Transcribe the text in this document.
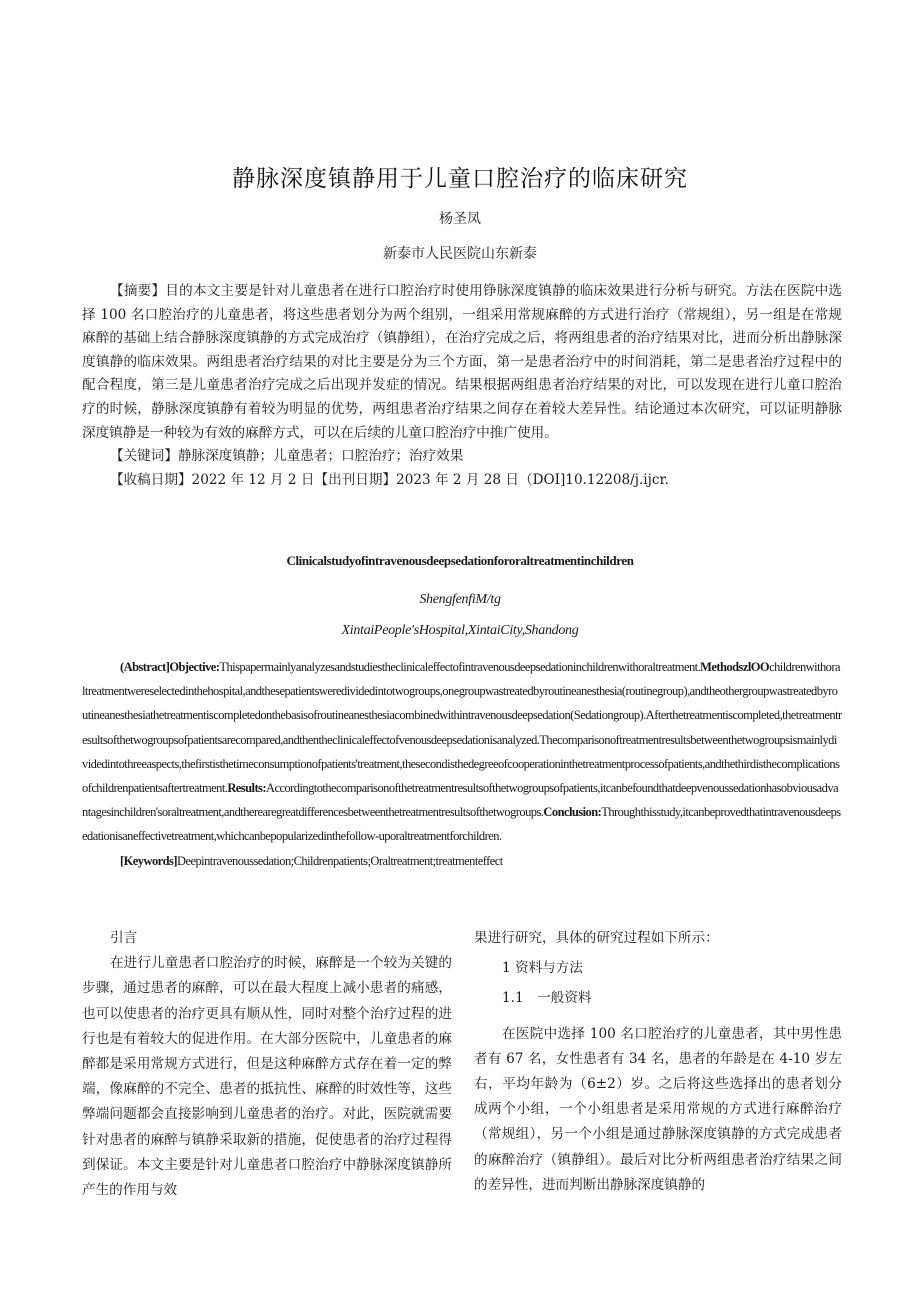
静脉深度镇静用于儿童口腔治疗的临床研究
杨圣凤
新泰市人民医院山东新泰

【摘要】目的本文主要是针对儿童患者在进行口腔治疗时使用铮脉深度镇静的临床效果进行分析与研究。方法在医院中选择 100 名口腔治疗的儿童患者，将这些患者划分为两个组别，一组采用常规麻醉的方式进行治疗（常规组），另一组是在常规麻醉的基础上结合静脉深度镇静的方式完成治疗（镇静组），在治疗完成之后，将两组患者的治疗结果对比，进而分析出静脉深度镇静的临床效果。两组患者治疗结果的对比主要是分为三个方面，第一是患者治疗中的时间消耗，第二是患者治疗过程中的配合程度，第三是儿童患者治疗完成之后出现并发症的情况。结果根据两组患者治疗结果的对比，可以发现在进行儿童口腔治疗的时候，静脉深度镇静有着较为明显的优势，两组患者治疗结果之间存在着较大差异性。结论通过本次研究，可以证明静脉深度镇静是一种较为有效的麻醉方式，可以在后续的儿童口腔治疗中推广使用。

【关键词】静脉深度镇静；儿童患者；口腔治疗；治疗效果

【收稿日期】2022 年 12 月 2 日【出刊日期】2023 年 2 月 28 日（DOI]10.12208/j.ijcr.

Clinicalstudyofintravenousdeepsedationfororaltreatmentinchildren
ShengfenfiM/tg
XintaiPeople'sHospital,XintaiCity,Shandong

(Abstract]Objective:Thispapermainlyanalyzesandstudiestheclinicaleffectofintravenousdeepsedationinchildrenwithoraltreatment.MethodszlOOchildrenwithoraltreatmentwereselectedinthehospital,andthesepatientsweredividedintotwogroups,onegroupwastreatedbyroutineanesthesia(routinegroup),andtheothergroupwastreatedbyroutineanesthesiathetreatmentiscompletedonthebasisofroutineanesthesiacombinedwithintravenousdeepsedation(Sedationgroup).Afterthetreatmentiscompleted,thetreatmentresultsofthetwogroupsofpatientsarecompared,andthentheclinicaleffectofvenousdeepsedationisanalyzed.Thecomparisonoftreatmentresultsbetweenthetwogroupsismainlydividedintothreeaspects,thefirstisthetimeconsumptionofpatients'treatment,thesecondisthedegreeofcooperationinthetreatmentprocessofpatients,andthethirdisthecomplicationsofchildrenpatientsaftertreatment.Results:Accordingtothecomparisonofthetreatmentresultsofthetwogroupsofpatients,itcanbefoundthatdeepvenoussedationhasobviousadvantagesinchildren'soraltreatment,andtherearegreatdifferencesbetweenthetreatmentresultsofthetwogroups.Conclusion:Throughthisstudy,itcanbeprovedthatintravenousdeepsedationisaneffectivetreatment,whichcanbepopularizedinthefollow-uporaltreatmentforchildren.

[Keywords]Deepintravenoussedation;Childrenpatients;Oraltreatment;treatmenteffect

引言

在进行儿童患者口腔治疗的时候，麻醉是一个较为关键的步骤，通过患者的麻醉，可以在最大程度上减小患者的痛感，也可以使患者的治疗更具有顺从性，同时对整个治疗过程的进行也是有着较大的促进作用。在大部分医院中，儿童患者的麻醉都是采用常规方式进行，但是这种麻醉方式存在着一定的弊端，像麻醉的不完全、患者的抵抗性、麻醉的时效性等，这些弊端问题都会直接影响到儿童患者的治疗。对此，医院就需要针对患者的麻醉与镇静采取新的措施，促使患者的治疗过程得到保证。本文主要是针对儿童患者口腔治疗中静脉深度镇静所产生的作用与效

果进行研究，具体的研究过程如下所示：

1 资料与方法

1.1　一般资料

在医院中选择 100 名口腔治疗的儿童患者，其中男性患者有 67 名，女性患者有 34 名，患者的年龄是在 4-10 岁左右，平均年龄为（6±2）岁。之后将这些选择出的患者划分成两个小组，一个小组患者是采用常规的方式进行麻醉治疗（常规组），另一个小组是通过静脉深度镇静的方式完成患者的麻醉治疗（镇静组）。最后对比分析两组患者治疗结果之间的差异性，进而判断出静脉深度镇静的
